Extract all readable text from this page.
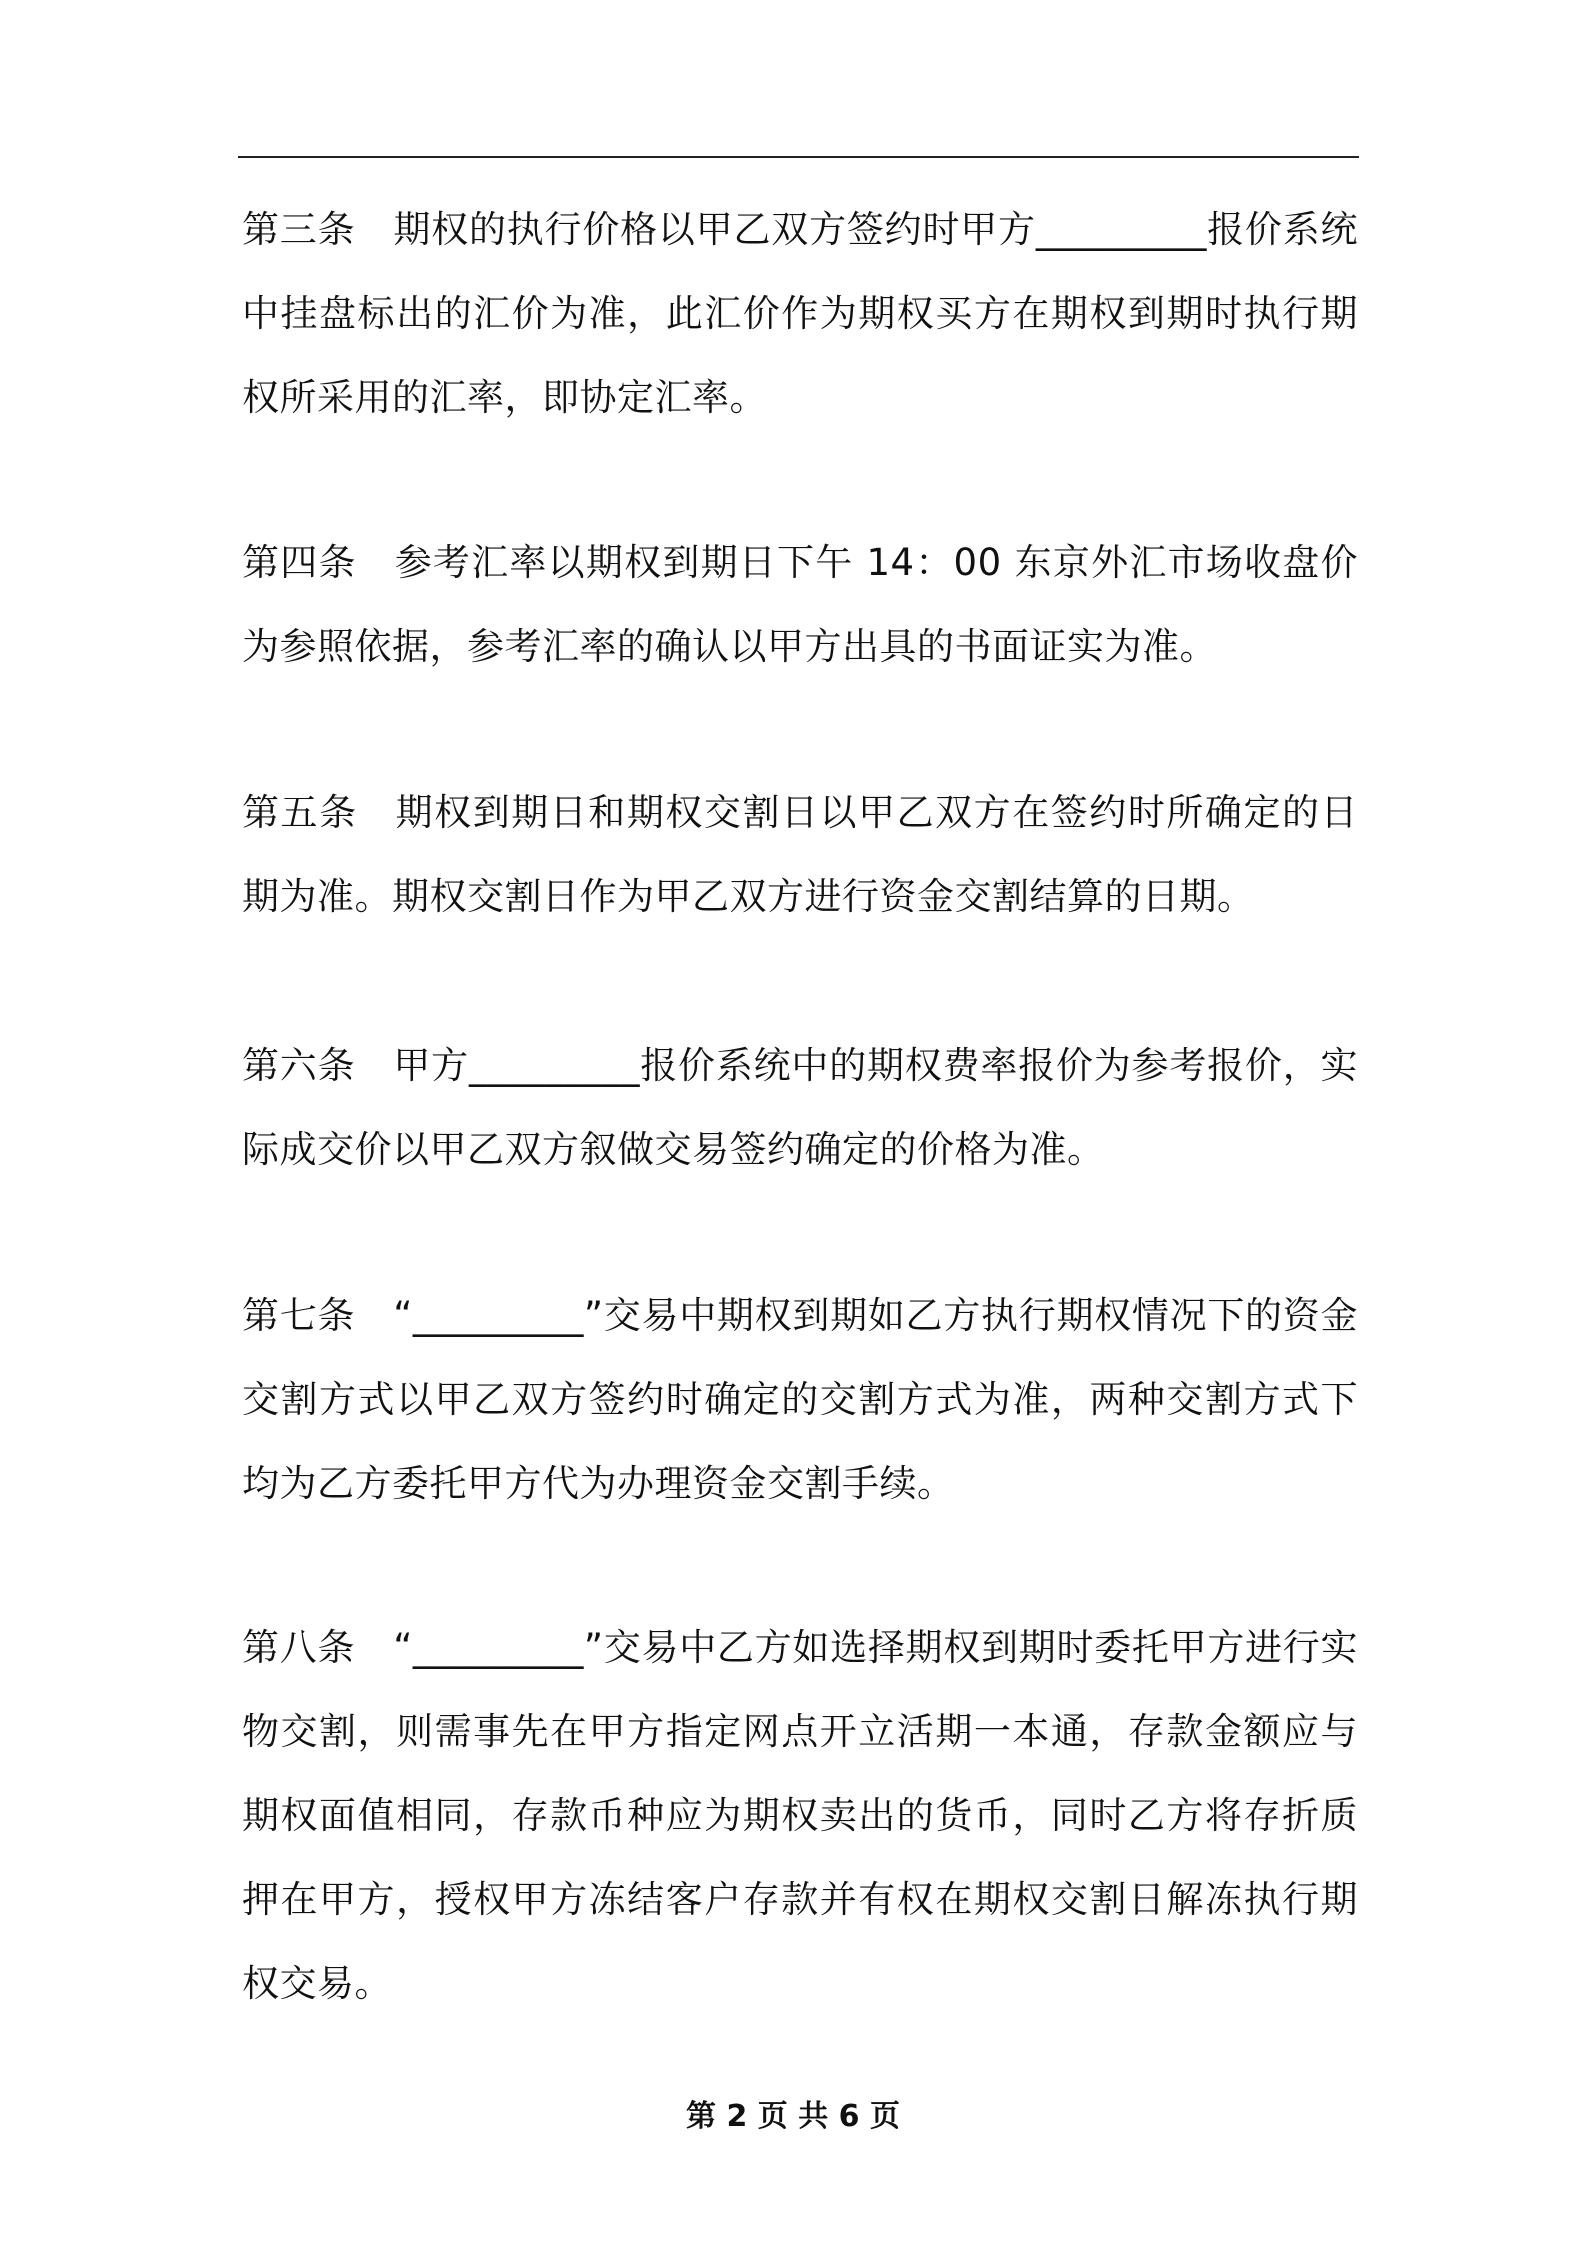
第三条 期权的执行价格以甲乙双方签约时甲方_________报价系统中挂盘标出的汇价为准，此汇价作为期权买方在期权到期时执行期权所采用的汇率，即协定汇率。

第四条 参考汇率以期权到期日下午 14：00 东京外汇市场收盘价为参照依据，参考汇率的确认以甲方出具的书面证实为准。

第五条 期权到期日和期权交割日以甲乙双方在签约时所确定的日期为准。期权交割日作为甲乙双方进行资金交割结算的日期。

第六条 甲方_________报价系统中的期权费率报价为参考报价，实际成交价以甲乙双方叙做交易签约确定的价格为准。

第七条 “_________”交易中期权到期如乙方执行期权情况下的资金交割方式以甲乙双方签约时确定的交割方式为准，两种交割方式下均为乙方委托甲方代为办理资金交割手续。

第八条 “_________”交易中乙方如选择期权到期时委托甲方进行实物交割，则需事先在甲方指定网点开立活期一本通，存款金额应与期权面值相同，存款币种应为期权卖出的货币，同时乙方将存折质押在甲方，授权甲方冻结客户存款并有权在期权交割日解冻执行期权交易。

第 2 页 共 6 页
